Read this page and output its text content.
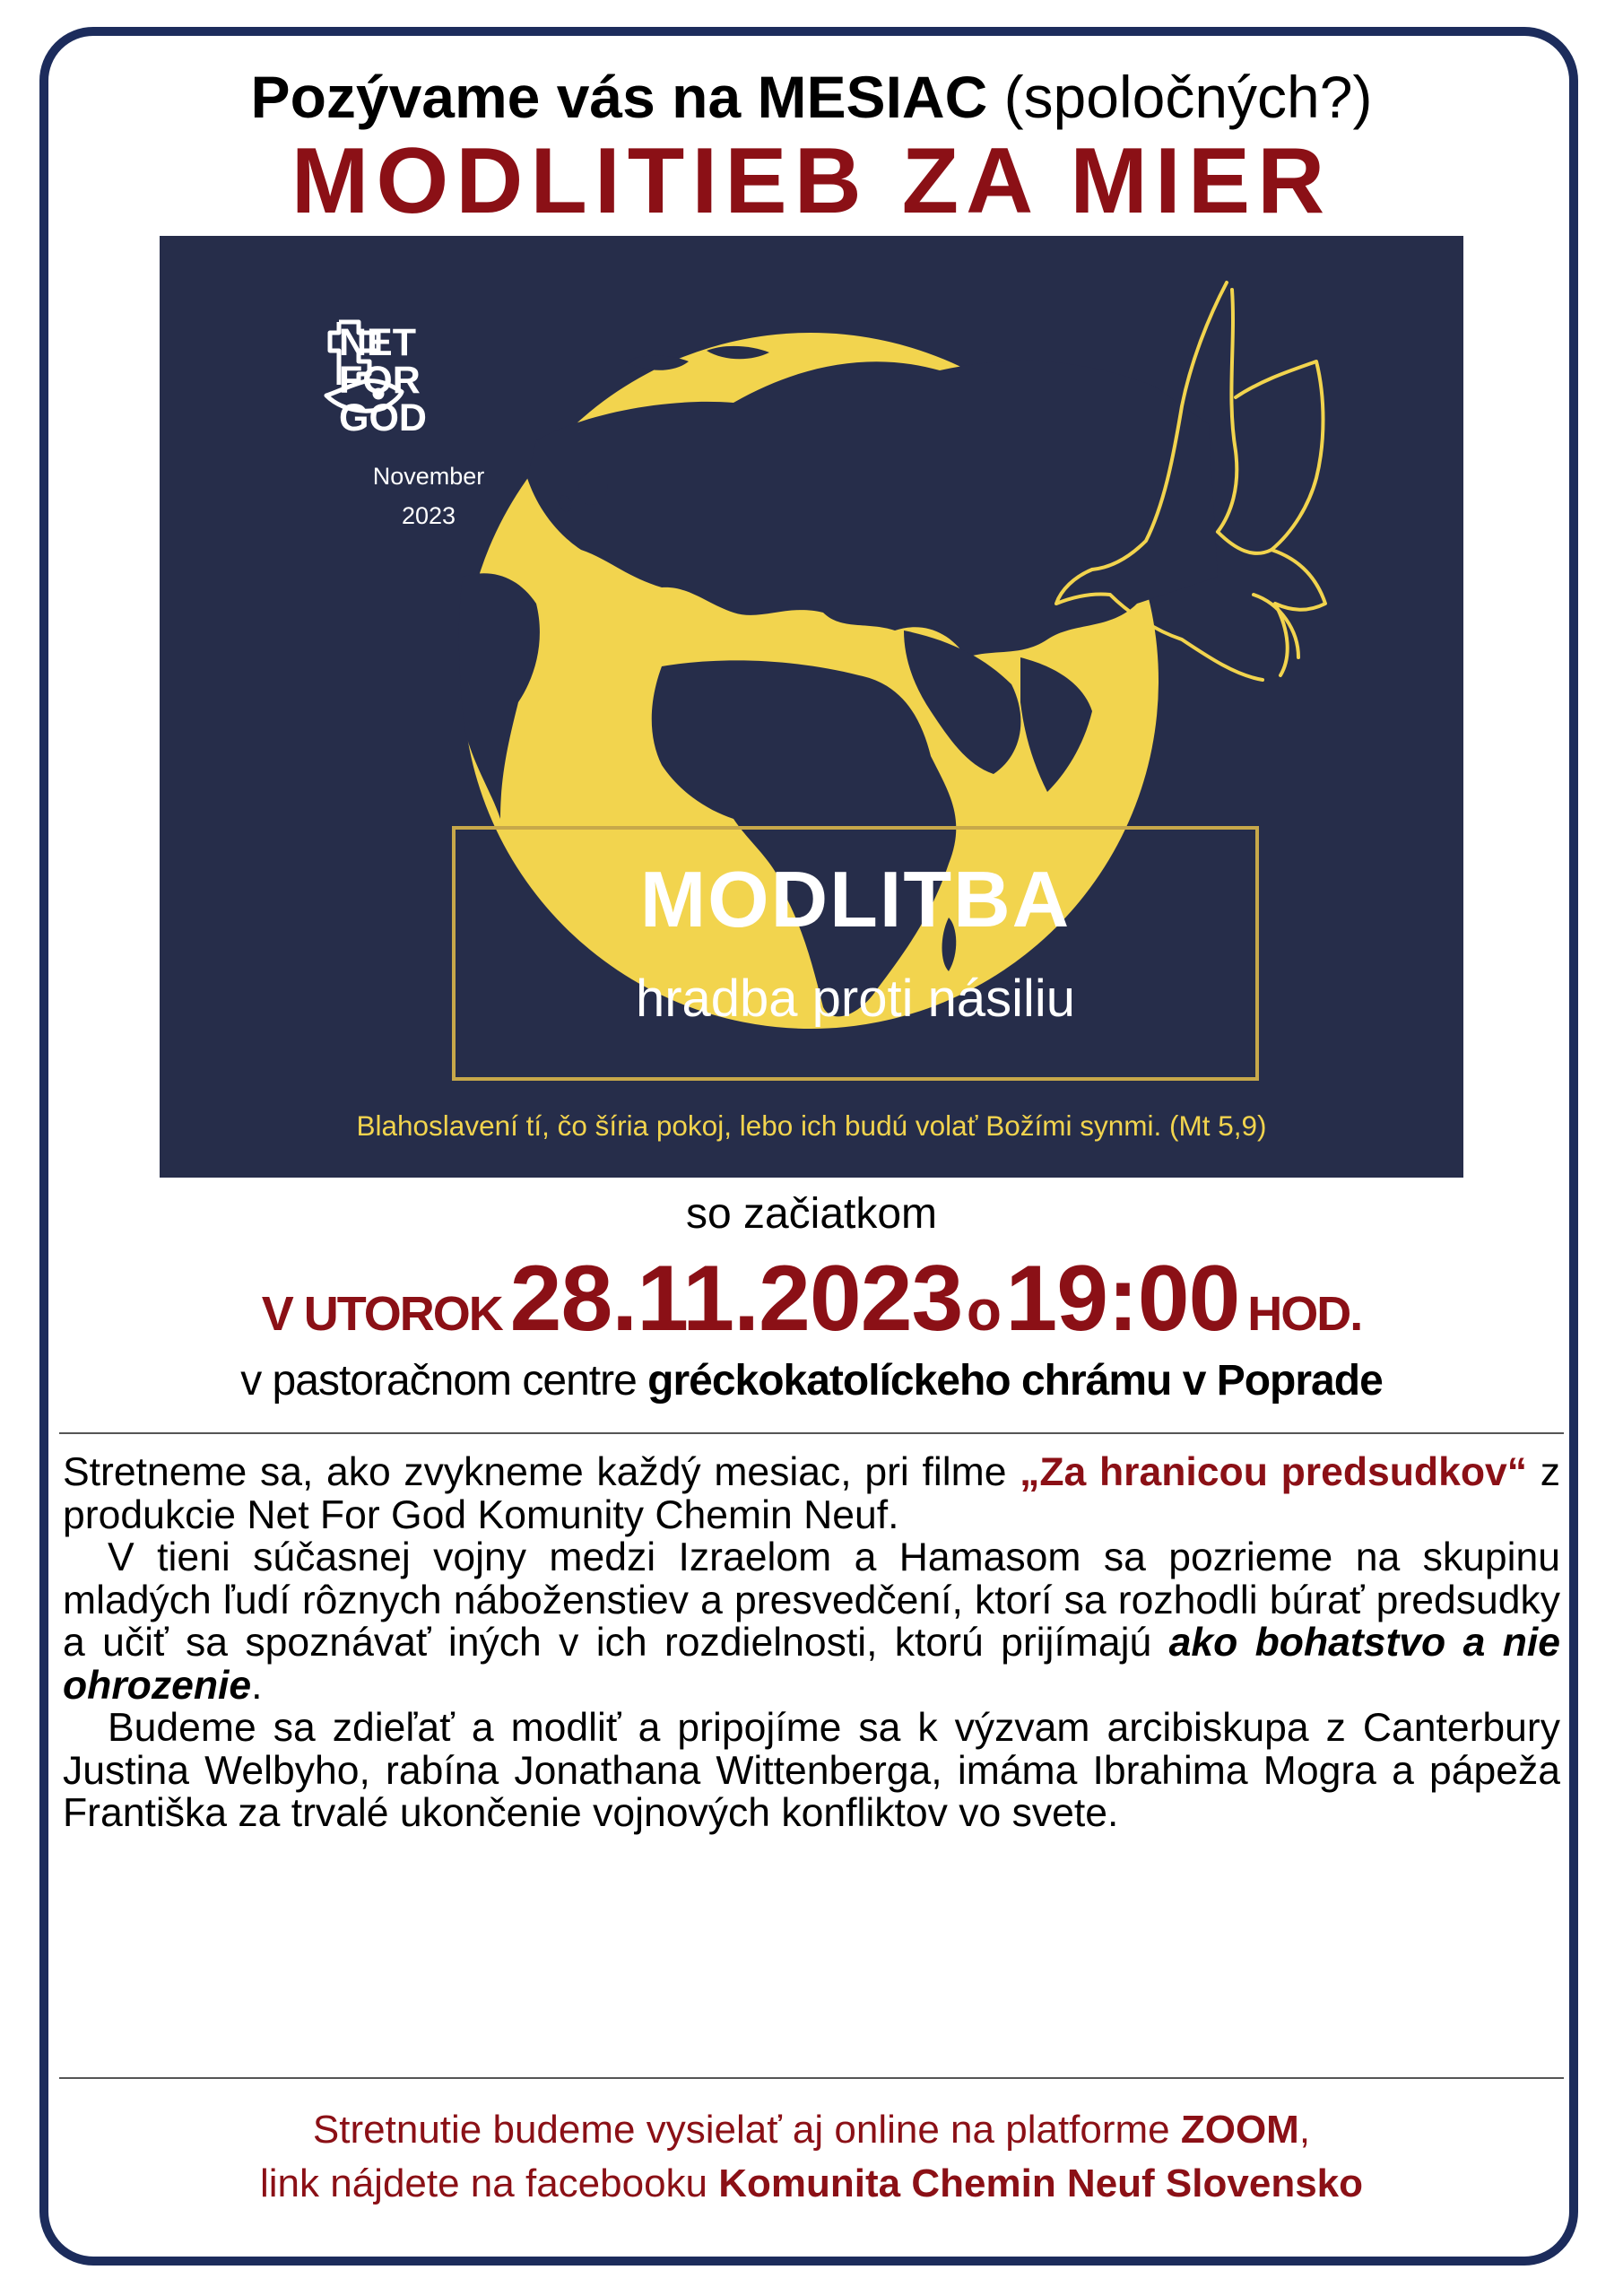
Pozývame vás na MESIAC (spoločných?)
MODLITIEB ZA MIER
NET
FOR
GOD
November
2023
MODLITBA
hradba proti násiliu
Blahoslavení tí, čo šíria pokoj, lebo ich budú volať Božími synmi. (Mt 5,9)
so začiatkom
V UTOROK  28.11.2023 o 19:00 HOD.
v pastoračnom centre gréckokatolíckeho chrámu v Poprade

Stretneme sa, ako zvykneme každý mesiac, pri filme „Za hranicou predsudkov“ z produkcie Net For God Komunity Chemin Neuf.

V tieni súčasnej vojny medzi Izraelom a Hamasom sa pozrieme na skupinu mladých ľudí rôznych náboženstiev a presvedčení, ktorí sa rozhodli búrať predsudky a učiť sa spoznávať iných v ich rozdielnosti, ktorú prijímajú ako bohatstvo a nie ohrozenie.

Budeme sa zdieľať a modliť a pripojíme sa k výzvam arcibiskupa z Canterbury Justina Welbyho, rabína Jonathana Wittenberga, imáma Ibrahima Mogra a pápeža Františka za trvalé ukončenie vojnových konfliktov vo svete.

Stretnutie budeme vysielať aj online na platforme ZOOM,
link nájdete na facebooku Komunita Chemin Neuf Slovensko
